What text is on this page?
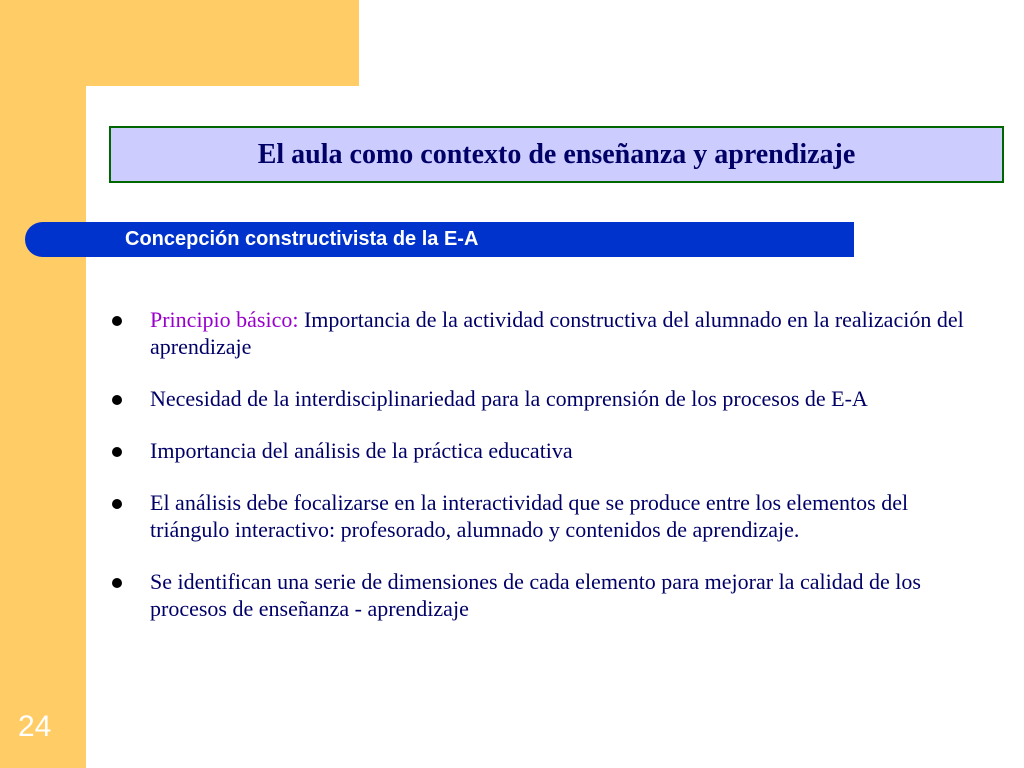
El aula como contexto de enseñanza y aprendizaje
Concepción constructivista de la E-A
Principio básico: Importancia de la actividad constructiva del alumnado en la realización del aprendizaje
Necesidad de la interdisciplinariedad para la comprensión de los procesos de E-A
Importancia del análisis de la práctica educativa
El análisis debe focalizarse en la interactividad que se produce entre los elementos del triángulo interactivo: profesorado, alumnado y contenidos de aprendizaje.
Se identifican una serie de dimensiones de cada elemento para mejorar la calidad de los procesos de enseñanza - aprendizaje
24
